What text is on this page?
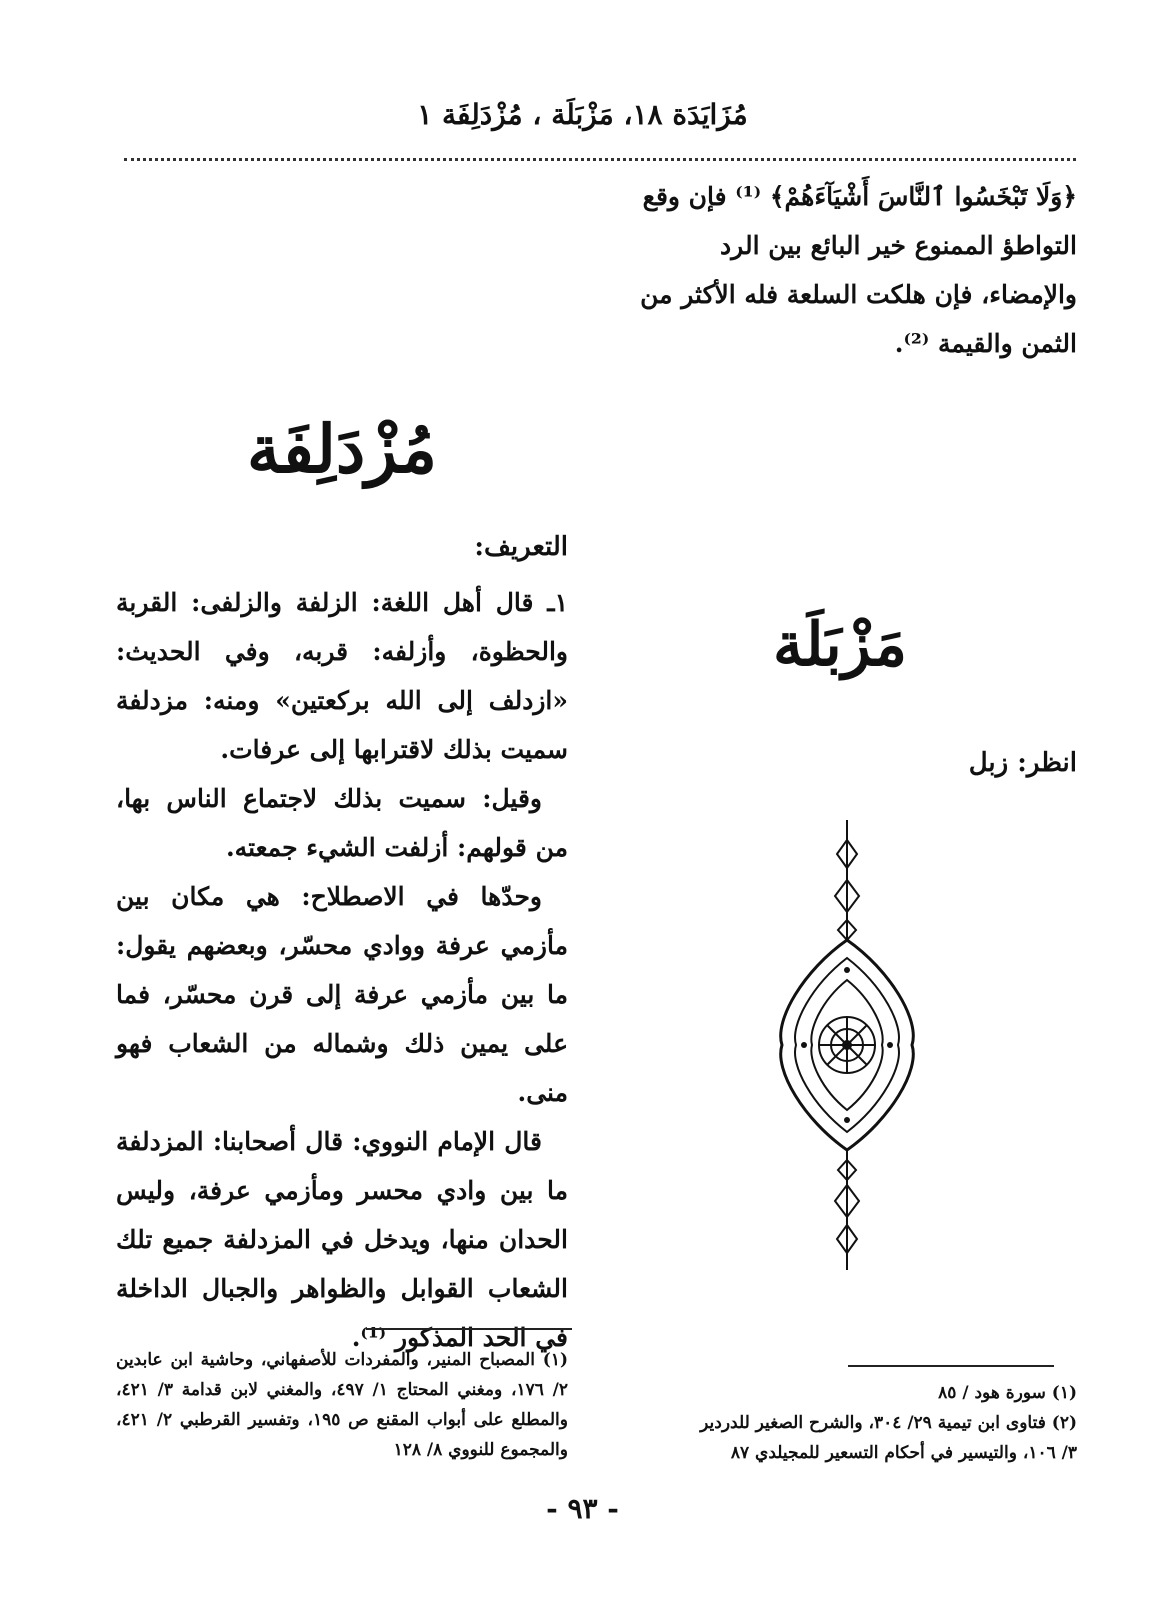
مُزَايَدَة ١٨، مَزْبَلَة ، مُزْدَلِفَة ١

﴿وَلَا تَبْخَسُوا ٱلنَّاسَ أَشْيَآءَهُمْ﴾ ⁽¹⁾ فإن وقع

التواطؤ الممنوع خير البائع بين الرد

والإمضاء، فإن هلكت السلعة فله الأكثر من

الثمن والقيمة ⁽²⁾.

مُزْدَلِفَة
التعريف:

١ـ قال أهل اللغة: الزلفة والزلفى: القربة والحظوة، وأزلفه: قربه، وفي الحديث: «ازدلف إلى الله بركعتين» ومنه: مزدلفة سميت بذلك لاقترابها إلى عرفات.

وقيل: سميت بذلك لاجتماع الناس بها، من قولهم: أزلفت الشيء جمعته.

وحدّها في الاصطلاح: هي مكان بين مأزمي عرفة ووادي محسّر، وبعضهم يقول: ما بين مأزمي عرفة إلى قرن محسّر، فما على يمين ذلك وشماله من الشعاب فهو منى.

قال الإمام النووي: قال أصحابنا: المزدلفة ما بين وادي محسر ومأزمي عرفة، وليس الحدان منها، ويدخل في المزدلفة جميع تلك الشعاب القوابل والظواهر والجبال الداخلة في الحد المذكور ⁽¹⁾.

(١) المصباح المنير، والمفردات للأصفهاني، وحاشية ابن عابدين ٢/ ١٧٦، ومغني المحتاج ١/ ٤٩٧، والمغني لابن قدامة ٣/ ٤٢١، والمطلع على أبواب المقنع ص ١٩٥، وتفسير القرطبي ٢/ ٤٢١، والمجموع للنووي ٨/ ١٢٨

مَزْبَلَة
انظر: زبل

(١) سورة هود / ٨٥

(٢) فتاوى ابن تيمية ٢٩/ ٣٠٤، والشرح الصغير للدردير

٣/ ١٠٦، والتيسير في أحكام التسعير للمجيلدي ٨٧

- ٩٣ -
